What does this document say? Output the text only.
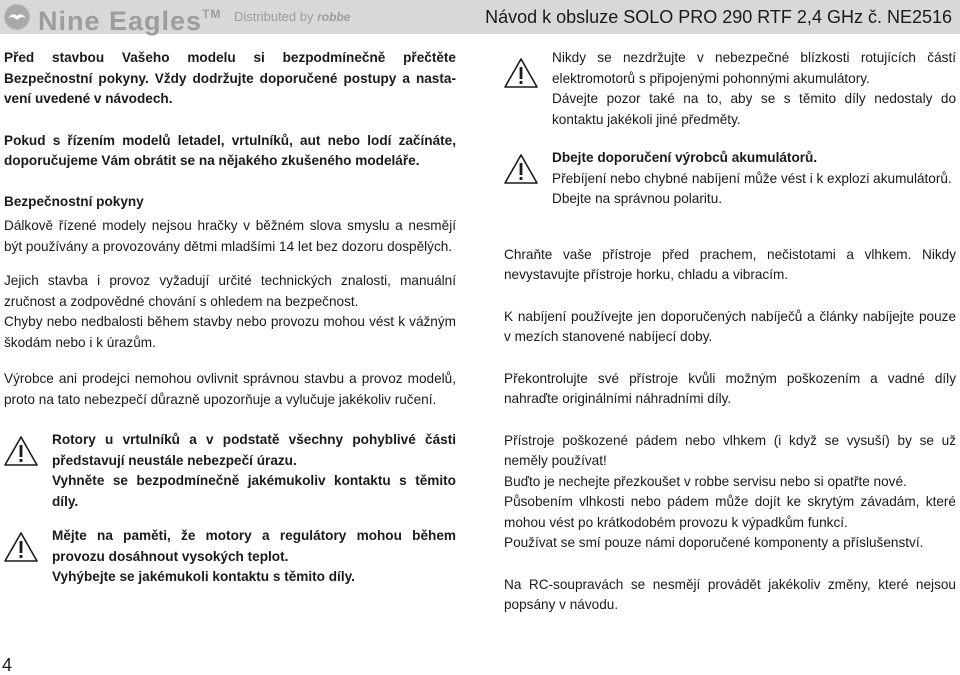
Nine Eagles™ Distributed by robbe	Návod k obsluze SOLO PRO 290 RTF 2,4 GHz č. NE2516

Před stavbou Vašeho modelu si bezpodmínečně přečtěte

Bezpečnostní pokyny. Vždy dodržujte doporučené postupy a nasta-

vení uvedené v návodech.

Pokud s řízením modelů letadel, vrtulníků, aut nebo lodí začínáte, doporučujeme Vám obrátit se na nějakého zkušeného modeláře.

Bezpečnostní pokyny

Dálkově řízené modely nejsou hračky v běžném slova smyslu a nesmějí být používány a provozovány dětmi mladšími 14 let bez dozoru dospělých.

Jejich stavba i provoz vyžadují určité technických znalosti, manuální zručnost a zodpovědné chování s ohledem na bezpečnost.

Chyby nebo nedbalosti během stavby nebo provozu mohou vést k vážným škodám nebo i k úrazům.

Výrobce ani prodejci nemohou ovlivnit správnou stavbu a provoz modelů, proto na tato nebezpečí důrazně upozorňuje a vylučuje jakékoliv ručení.

Rotory u vrtulníků a v podstatě všechny pohyblivé části představují neustále nebezpečí úrazu.

Vyhněte se bezpodmínečně jakémukoliv kontaktu s těmito díly.

Mějte na paměti, že motory a regulátory mohou během provozu dosáhnout vysokých teplot.

Vyhýbejte se jakémukoli kontaktu s těmito díly.

Nikdy se nezdržujte v nebezpečné blízkosti rotujících částí elektromotorů s připojenými pohonnými akumulátory.

Dávejte pozor také na to, aby se s těmito díly nedostaly do kontaktu jakékoli jiné předměty.

Dbejte doporučení výrobců akumulátorů.

Přebíjení nebo chybné nabíjení může vést i k explozi akumulátorů.

Dbejte na správnou polaritu.

Chraňte vaše přístroje před prachem, nečistotami a vlhkem. Nikdy nevystavujte přístroje horku, chladu a vibracím.

K nabíjení používejte jen doporučených nabíječů a články nabíjejte pouze v mezích stanovené nabíjecí doby.

Překontrolujte své přístroje kvůli možným poškozením a vadné díly nahraďte originálními náhradními díly.

Přístroje poškozené pádem nebo vlhkem (i když se vysuší) by se už neměly používat!

Buďto je nechejte přezkoušet v robbe servisu nebo si opatřte nové.

Působením vlhkosti nebo pádem může dojít ke skrytým závadám, které mohou vést po krátkodobém provozu k výpadkům funkcí.

Používat se smí pouze námi doporučené komponenty a příslušenství.

Na RC-soupravách se nesmějí provádět jakékoliv změny, které nejsou popsány v návodu.

4
